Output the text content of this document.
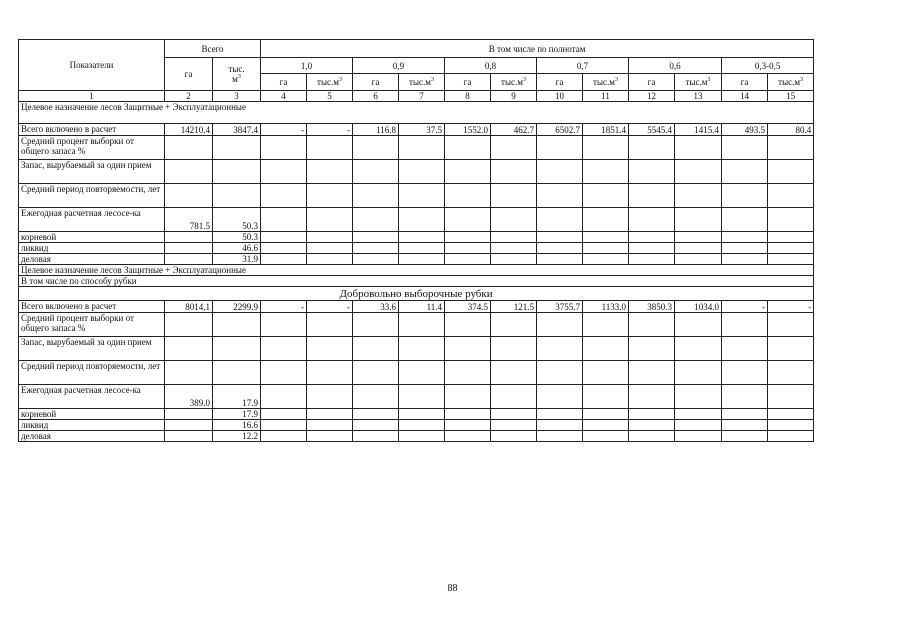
Показатели	Всего		В том числе по полнотам											
	га	тыс.
$м^3$	1,0		0,9		0,8		0,7		0,6		0,3-0,5	
			га	$тыс.м^3$	га	$тыс.м^3$	га	$тыс.м^3$	га	$тыс.м^3$	га	$тыс.м^3$	га	$тыс.м^3$
1	2	3	4	5	6	7	8	9	10	11	12	13	14	15
Целевое назначение лесов Защитные + Эксплуатационные														
Всего включено в расчет	14210.4	3847.4	-	-	116.8	37.5	1552.0	462.7	6502.7	1851.4	5545.4	1415.4	493.5	80.4
Средний процент выборки от общего запаса %														
Запас, вырубаемый за один прием														
Средний период повторяемости, лет														
Ежегодная расчетная лесосе-ка	781.5	50.3												
корневой		50.3												
ликвид		46.6												
деловая		31.9												
Целевое назначение лесов Защитные + Эксплуатационные														
В том числе по способу рубки														
Добровольно выборочные рубки														
Всего включено в расчет	8014,1	2299.9	-	-	33.6	11.4	374.5	121.5	3755.7	1133.0	3850.3	1034.0	-	-
Средний процент выборки от общего запаса %														
Запас, вырубаемый за один прием														
Средний период повторяемости, лет														
Ежегодная расчетная лесосе-ка	389.0	17.9												
корневой		17.9												
ликвид		16.6												
деловая		12.2												
88
